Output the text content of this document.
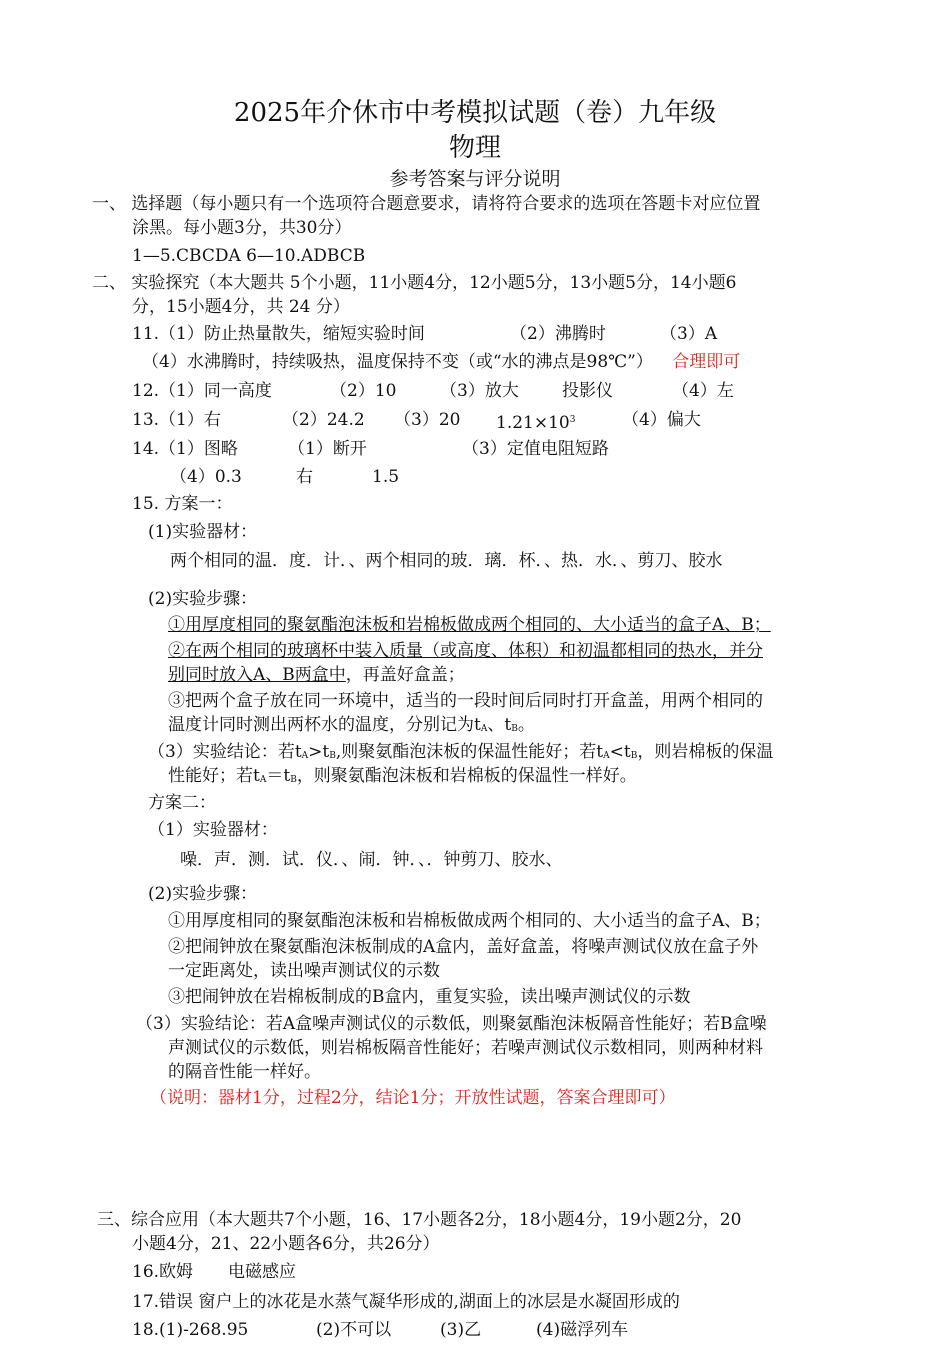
2025年介休市中考模拟试题（卷）九年级
物理
参考答案与评分说明
一、 选择题（每小题只有一个选项符合题意要求，请将符合要求的选项在答题卡对应位置
涂黑。每小题3分，共30分）
1—5.CBCDA 6—10.ADBCB
二、 实验探究（本大题共 5个小题，11小题4分，12小题5分，13小题5分，14小题6
分，15小题4分，共 24 分）
11.（1）防止热量散失，缩短实验时间	（2）沸腾时	（3）A
（4）水沸腾时，持续吸热，温度保持不变（或“水的沸点是98℃”） 合理即可
12.（1）同一高度	（2）10	（3）放大	投影仪	（4）左
13.（1）右	（2）24.2 （3）20 $1.21\times 10^3$	（4）偏大
14.（1）图略	（1）断开	（3）定值电阻短路
（4）0.3	右	1.5
15. 方案一：
(1)实验器材：
两个相同的温．度．计．、两个相同的玻．璃．杯．、热．水．、剪刀、胶水
(2)实验步骤：
①用厚度相同的聚氨酯泡沫板和岩棉板做成两个相同的、大小适当的盒子A、B；
②在两个相同的玻璃杯中装入质量（或高度、体积）和初温都相同的热水，并分
别同时放入A、B两盒中，再盖好盒盖；
③把两个盒子放在同一环境中，适当的一段时间后同时打开盒盖，用两个相同的
温度计同时测出两杯水的温度，分别记为$t_A$、$t_B$。
（3）实验结论：若$t_A>t_B$,则聚氨酯泡沫板的保温性能好；若$t_A<t_B$，则岩棉板的保温
性能好；若$t_A=t_B$，则聚氨酯泡沫板和岩棉板的保温性一样好。
方案二：
（1）实验器材：
噪．声．测．试．仪．、闹．钟．、．钟剪刀、胶水、
(2)实验步骤：
①用厚度相同的聚氨酯泡沫板和岩棉板做成两个相同的、大小适当的盒子A、B；
②把闹钟放在聚氨酯泡沫板制成的A盒内，盖好盒盖，将噪声测试仪放在盒子外
一定距离处，读出噪声测试仪的示数
③把闹钟放在岩棉板制成的B盒内，重复实验，读出噪声测试仪的示数
（3）实验结论：若A盒噪声测试仪的示数低，则聚氨酯泡沫板隔音性能好；若B盒噪
声测试仪的示数低，则岩棉板隔音性能好；若噪声测试仪示数相同，则两种材料
的隔音性能一样好。
（说明：器材1分，过程2分，结论1分；开放性试题，答案合理即可）
三、综合应用（本大题共7个小题，16、17小题各2分，18小题4分，19小题2分，20
小题4分，21、22小题各6分，共26分）
16.欧姆 电磁感应
17.错误 窗户上的冰花是水蒸气凝华形成的,湖面上的冰层是水凝固形成的
18.(1)-268.95	(2)不可以	(3)乙	(4)磁浮列车
